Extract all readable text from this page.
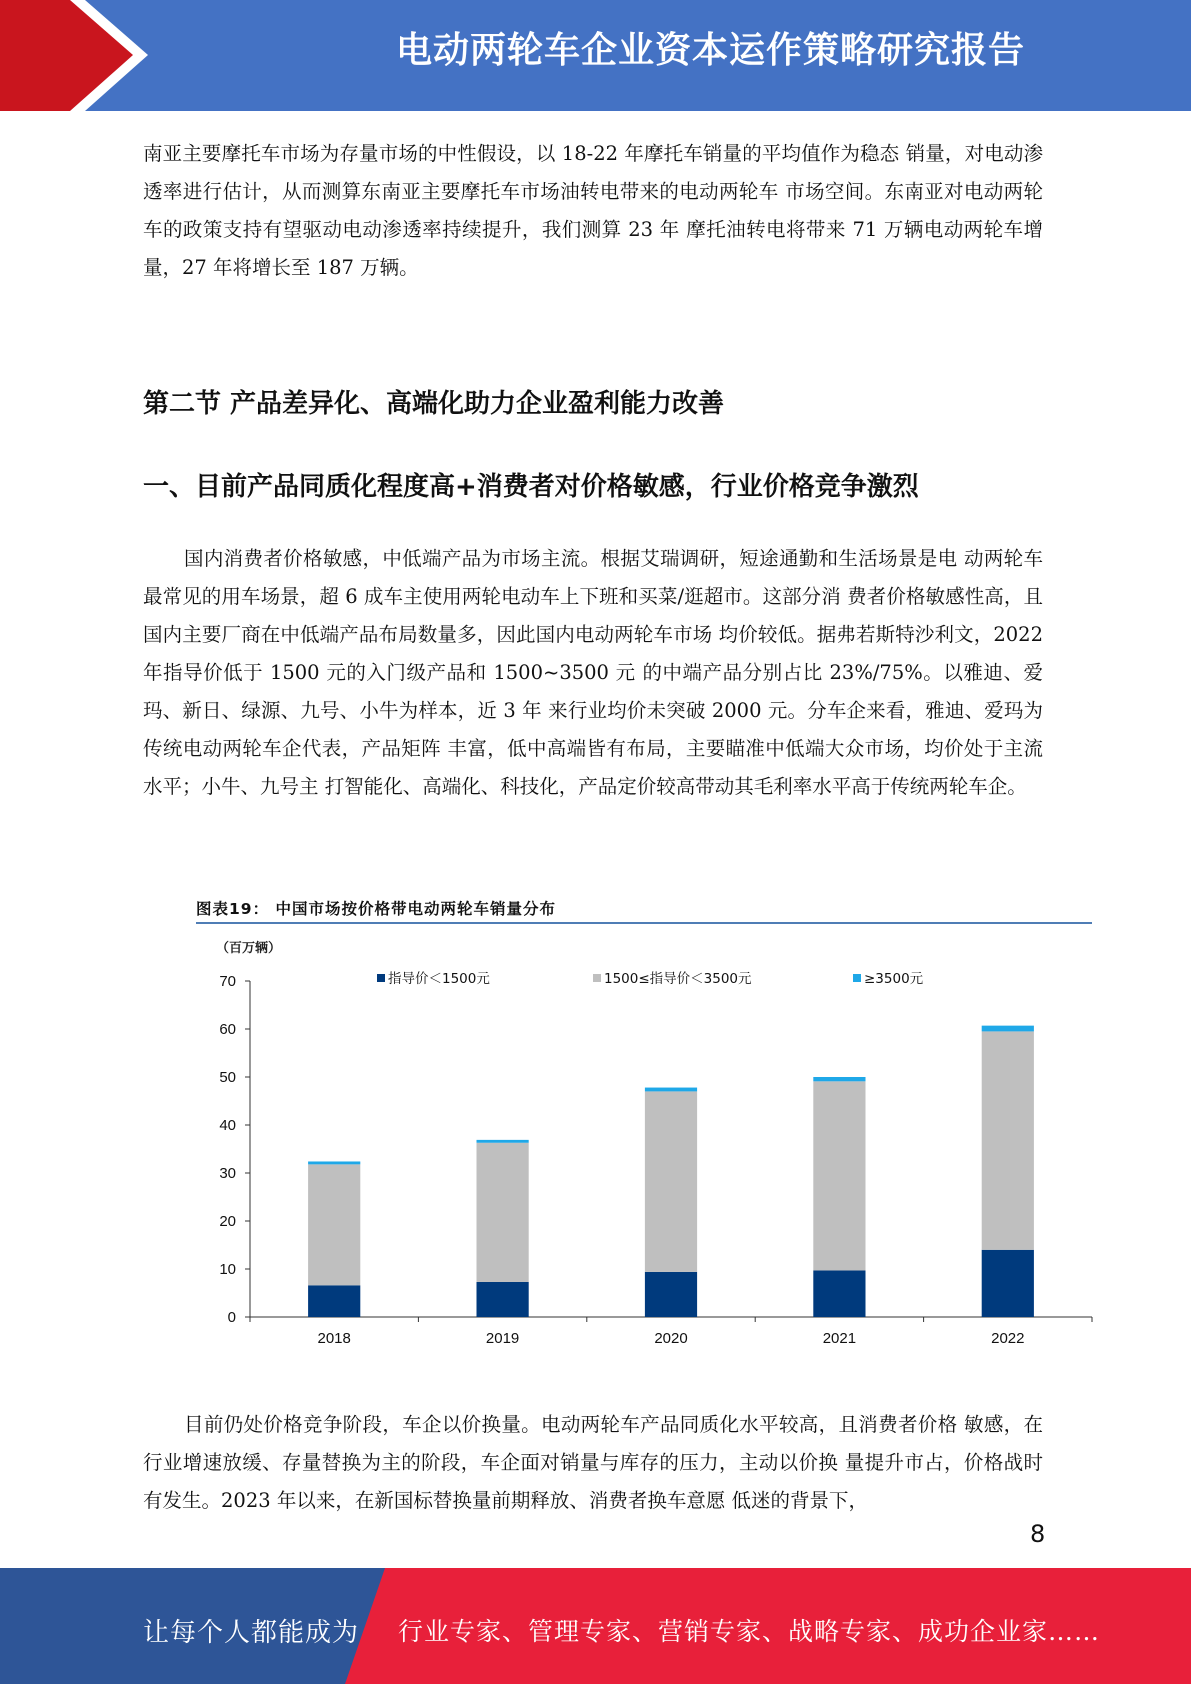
电动两轮车企业资本运作策略研究报告

南亚主要摩托车市场为存量市场的中性假设，以 18-22 年摩托车销量的平均值作为稳态 销量，对电动渗透率进行估计，从而测算东南亚主要摩托车市场油转电带来的电动两轮车 市场空间。东南亚对电动两轮车的政策支持有望驱动电动渗透率持续提升，我们测算 23 年 摩托油转电将带来 71 万辆电动两轮车增量，27 年将增长至 187 万辆。

第二节 产品差异化、高端化助力企业盈利能力改善
一、目前产品同质化程度高+消费者对价格敏感，行业价格竞争激烈

国内消费者价格敏感，中低端产品为市场主流。根据艾瑞调研，短途通勤和生活场景是电 动两轮车最常见的用车场景，超 6 成车主使用两轮电动车上下班和买菜/逛超市。这部分消 费者价格敏感性高，且国内主要厂商在中低端产品布局数量多，因此国内电动两轮车市场 均价较低。据弗若斯特沙利文，2022 年指导价低于 1500 元的入门级产品和 1500~3500 元 的中端产品分别占比 23%/75%。以雅迪、爱玛、新日、绿源、九号、小牛为样本，近 3 年 来行业均价未突破 2000 元。分车企来看，雅迪、爱玛为传统电动两轮车企代表，产品矩阵 丰富，低中高端皆有布局，主要瞄准中低端大众市场，均价处于主流水平；小牛、九号主 打智能化、高端化、科技化，产品定价较高带动其毛利率水平高于传统两轮车企。

图表19： 中国市场按价格带电动两轮车销量分布
（百万辆）
0
10
20
30
40
50
60
70
2018	2019	2020	2021	2022
指导价＜1500元	1500≤指导价＜3500元	≥3500元

目前仍处价格竞争阶段，车企以价换量。电动两轮车产品同质化水平较高，且消费者价格 敏感，在行业增速放缓、存量替换为主的阶段，车企面对销量与库存的压力，主动以价换 量提升市占，价格战时有发生。2023 年以来，在新国标替换量前期释放、消费者换车意愿 低迷的背景下，

8
让每个人都能成为 行业专家、管理专家、营销专家、战略专家、成功企业家……
